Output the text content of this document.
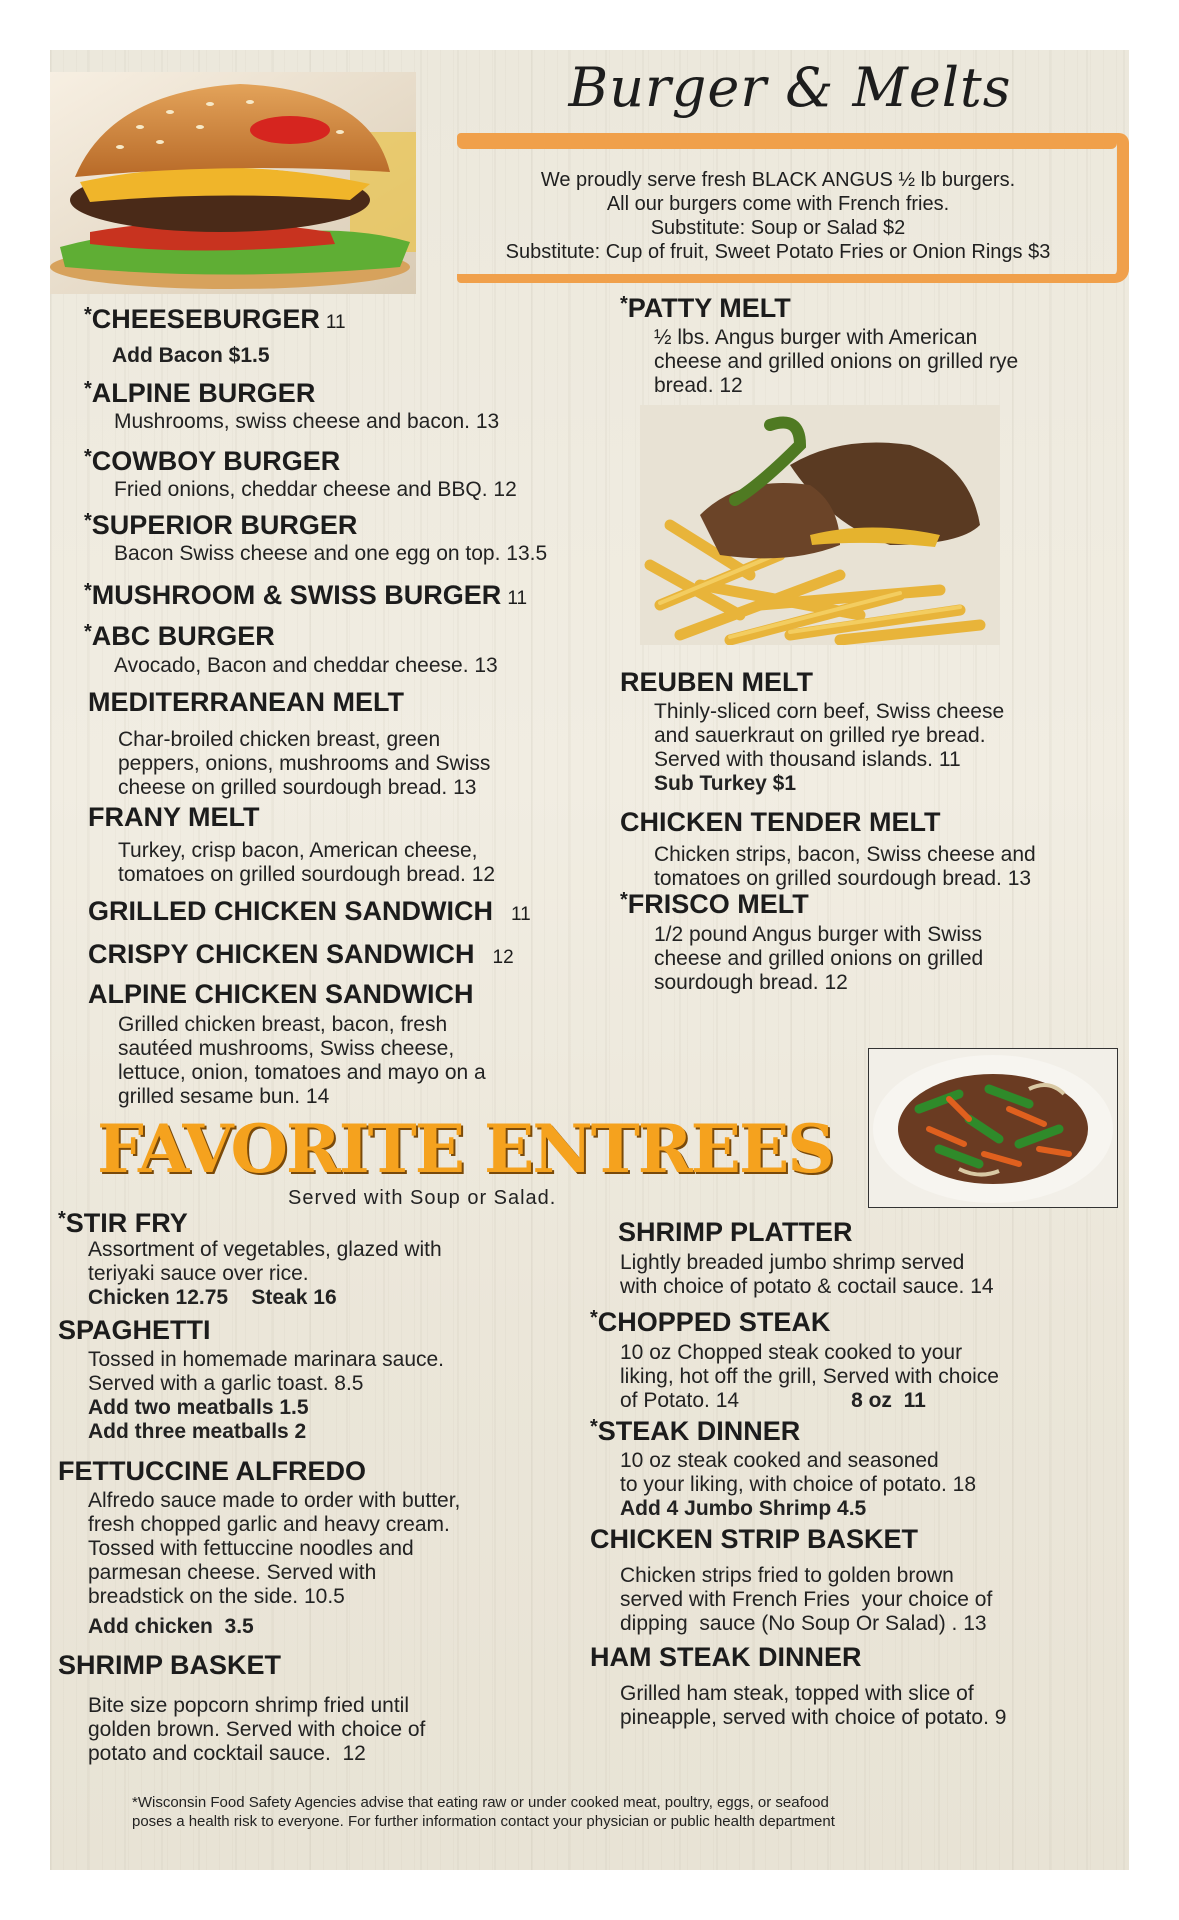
Burger & Melts
We proudly serve fresh BLACK ANGUS ½ lb burgers.
All our burgers come with French fries.
Substitute: Soup or Salad $2
Substitute: Cup of fruit, Sweet Potato Fries or Onion Rings $3
*CHEESEBURGER 11
Add Bacon $1.5
*ALPINE BURGER
Mushrooms, swiss cheese and bacon. 13
*COWBOY BURGER
Fried onions, cheddar cheese and BBQ. 12
*SUPERIOR BURGER
Bacon Swiss cheese and one egg on top. 13.5
*MUSHROOM & SWISS BURGER 11
*ABC BURGER
Avocado, Bacon and cheddar cheese. 13
MEDITERRANEAN MELT
Char-broiled chicken breast, green
peppers, onions, mushrooms and Swiss
cheese on grilled sourdough bread. 13
FRANY MELT
Turkey, crisp bacon, American cheese,
tomatoes on grilled sourdough bread. 12
GRILLED CHICKEN SANDWICH 11
CRISPY CHICKEN SANDWICH 12
ALPINE CHICKEN SANDWICH
Grilled chicken breast, bacon, fresh
sautéed mushrooms, Swiss cheese,
lettuce, onion, tomatoes and mayo on a
grilled sesame bun. 14
*PATTY MELT
½ lbs. Angus burger with American
cheese and grilled onions on grilled rye
bread. 12
REUBEN MELT
Thinly-sliced corn beef, Swiss cheese
and sauerkraut on grilled rye bread.
Served with thousand islands. 11
Sub Turkey $1
CHICKEN TENDER MELT
Chicken strips, bacon, Swiss cheese and
tomatoes on grilled sourdough bread. 13
*FRISCO MELT
1/2 pound Angus burger with Swiss
cheese and grilled onions on grilled
sourdough bread. 12
FAVORITE ENTREES
Served with Soup or Salad.
*STIR FRY
Assortment of vegetables, glazed with
teriyaki sauce over rice.
Chicken 12.75    Steak 16
SPAGHETTI
Tossed in homemade marinara sauce.
Served with a garlic toast. 8.5
Add two meatballs 1.5
Add three meatballs 2
FETTUCCINE ALFREDO
Alfredo sauce made to order with butter,
fresh chopped garlic and heavy cream.
Tossed with fettuccine noodles and
parmesan cheese. Served with
breadstick on the side. 10.5
Add chicken  3.5
SHRIMP BASKET
Bite size popcorn shrimp fried until
golden brown. Served with choice of
potato and cocktail sauce.  12
SHRIMP PLATTER
Lightly breaded jumbo shrimp served
with choice of potato & coctail sauce. 14
*CHOPPED STEAK
10 oz Chopped steak cooked to your
liking, hot off the grill, Served with choice
of Potato. 14	8 oz  11
*STEAK DINNER
10 oz steak cooked and seasoned
to your liking, with choice of potato. 18
Add 4 Jumbo Shrimp 4.5
CHICKEN STRIP BASKET
Chicken strips fried to golden brown
served with French Fries  your choice of
dipping  sauce (No Soup Or Salad) . 13
HAM STEAK DINNER
Grilled ham steak, topped with slice of
pineapple, served with choice of potato. 9
*Wisconsin Food Safety Agencies advise that eating raw or under cooked meat, poultry, eggs, or seafood
poses a health risk to everyone. For further information contact your physician or public health department
